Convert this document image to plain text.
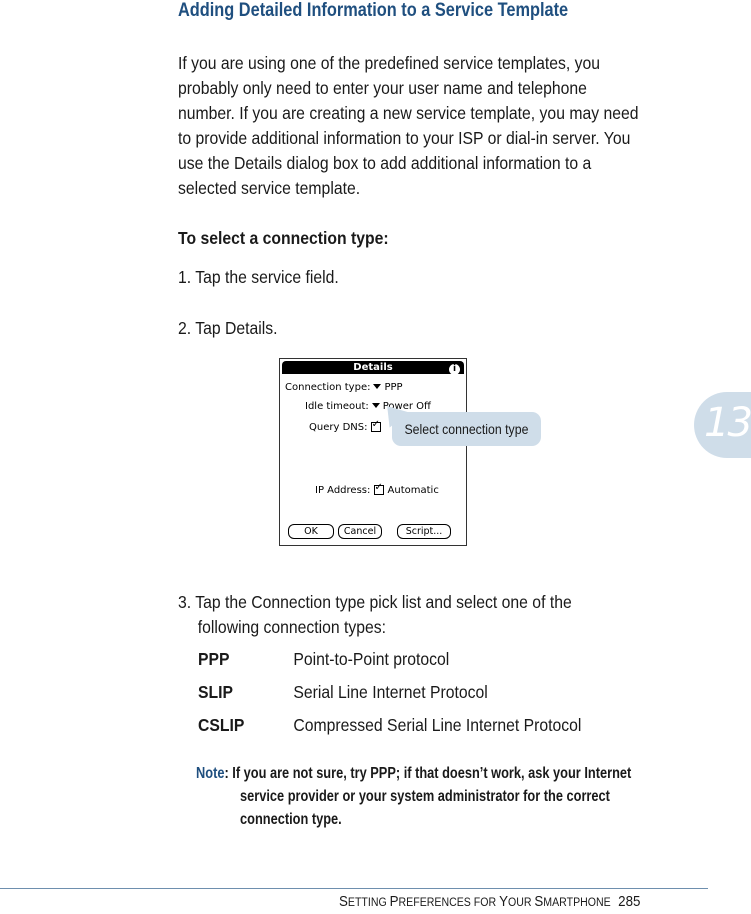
Adding Detailed Information to a Service Template
If you are using one of the predefined service templates, you probably only need to enter your user name and telephone number. If you are creating a new service template, you may need to provide additional information to your ISP or dial-in server. You use the Details dialog box to add additional information to a selected service template.
To select a connection type:
1. Tap the service field.
2. Tap Details.
Details	i
Connection type: PPP
Idle timeout: Power Off
Query DNS: ✓
IP Address: ✓ Automatic
OK	Cancel	Script...
Select connection type	13
3. Tap the Connection type pick list and select one of the
following connection types:
PPP	Point-to-Point protocol
SLIP	Serial Line Internet Protocol
CSLIP	Compressed Serial Line Internet Protocol
Note: If you are not sure, try PPP; if that doesn’t work, ask your Internet
service provider or your system administrator for the correct
connection type.
SETTING PREFERENCES FOR YOUR SMARTPHONE 285
